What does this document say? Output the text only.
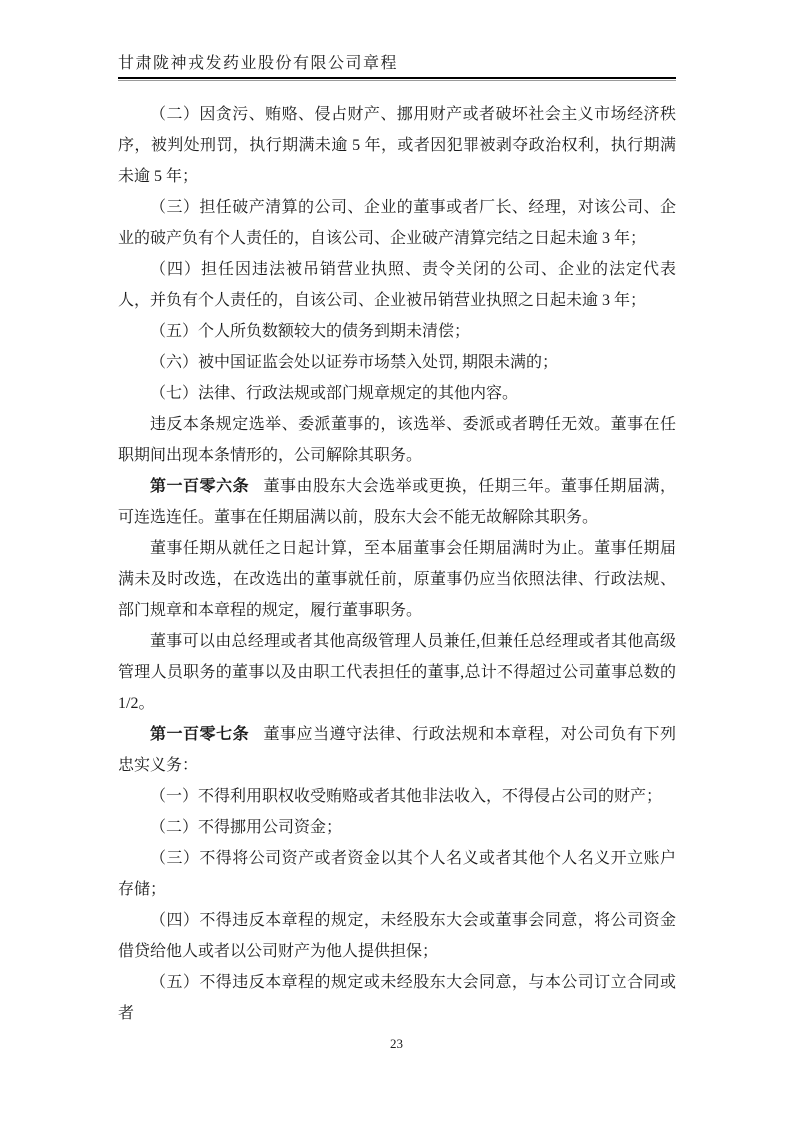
甘肃陇神戎发药业股份有限公司章程

（二）因贪污、贿赂、侵占财产、挪用财产或者破坏社会主义市场经济秩序，被判处刑罚，执行期满未逾 5 年，或者因犯罪被剥夺政治权利，执行期满未逾 5 年；

（三）担任破产清算的公司、企业的董事或者厂长、经理，对该公司、企业的破产负有个人责任的，自该公司、企业破产清算完结之日起未逾 3 年；

（四）担任因违法被吊销营业执照、责令关闭的公司、企业的法定代表人，并负有个人责任的，自该公司、企业被吊销营业执照之日起未逾 3 年；

（五）个人所负数额较大的债务到期未清偿；

（六）被中国证监会处以证券市场禁入处罚, 期限未满的；

（七）法律、行政法规或部门规章规定的其他内容。

违反本条规定选举、委派董事的，该选举、委派或者聘任无效。董事在任职期间出现本条情形的，公司解除其职务。

第一百零六条 董事由股东大会选举或更换，任期三年。董事任期届满，可连选连任。董事在任期届满以前，股东大会不能无故解除其职务。

董事任期从就任之日起计算，至本届董事会任期届满时为止。董事任期届满未及时改选，在改选出的董事就任前，原董事仍应当依照法律、行政法规、部门规章和本章程的规定，履行董事职务。

董事可以由总经理或者其他高级管理人员兼任,但兼任总经理或者其他高级管理人员职务的董事以及由职工代表担任的董事,总计不得超过公司董事总数的1/2。

第一百零七条 董事应当遵守法律、行政法规和本章程，对公司负有下列忠实义务：

（一）不得利用职权收受贿赂或者其他非法收入，不得侵占公司的财产；

（二）不得挪用公司资金；

（三）不得将公司资产或者资金以其个人名义或者其他个人名义开立账户存储；

（四）不得违反本章程的规定，未经股东大会或董事会同意，将公司资金借贷给他人或者以公司财产为他人提供担保；

（五）不得违反本章程的规定或未经股东大会同意，与本公司订立合同或者

23
